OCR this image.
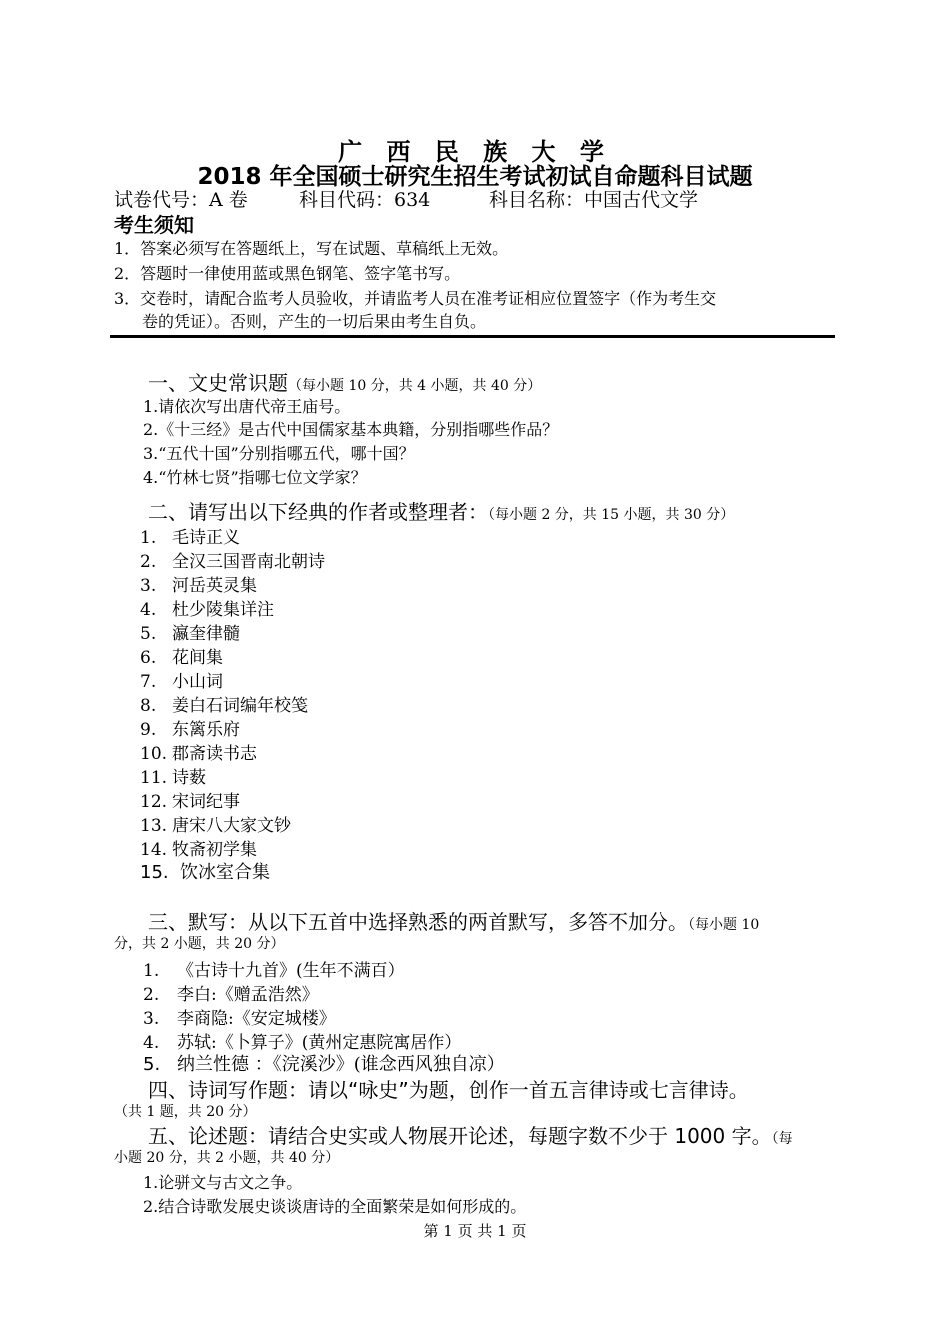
广 西 民 族 大 学
2018 年全国硕士研究生招生考试初试自命题科目试题
试卷代号：A 卷	科目代码：634	科目名称：中国古代文学
考生须知
1．答案必须写在答题纸上，写在试题、草稿纸上无效。
2．答题时一律使用蓝或黑色钢笔、签字笔书写。
3．交卷时，请配合监考人员验收，并请监考人员在准考证相应位置签字（作为考生交
卷的凭证）。否则，产生的一切后果由考生自负。
一、文史常识题（每小题 10 分，共 4 小题，共 40 分）
1.请依次写出唐代帝王庙号。
2.《十三经》是古代中国儒家基本典籍，分别指哪些作品？
3.“五代十国”分别指哪五代，哪十国？
4.“竹林七贤”指哪七位文学家？
二、请写出以下经典的作者或整理者：（每小题 2 分，共 15 小题，共 30 分）
1. 毛诗正义
2. 全汉三国晋南北朝诗
3. 河岳英灵集
4. 杜少陵集详注
5. 瀛奎律髓
6. 花间集
7. 小山词
8. 姜白石词编年校笺
9. 东篱乐府
10. 郡斋读书志
11. 诗薮
12. 宋词纪事
13. 唐宋八大家文钞
14. 牧斋初学集
15. 饮冰室合集
三、默写：从以下五首中选择熟悉的两首默写，多答不加分。（每小题 10
分，共 2 小题，共 20 分）
1. 《古诗十九首》(生年不满百）
2. 李白:《赠孟浩然》
3. 李商隐:《安定城楼》
4. 苏轼:《卜算子》(黄州定惠院寓居作）
5. 纳兰性德 ：《浣溪沙》(谁念西风独自凉）
四、诗词写作题：请以“咏史”为题，创作一首五言律诗或七言律诗。
（共 1 题，共 20 分）
五、论述题：请结合史实或人物展开论述，每题字数不少于 1000 字。（每
小题 20 分，共 2 小题，共 40 分）
1.论骈文与古文之争。
2.结合诗歌发展史谈谈唐诗的全面繁荣是如何形成的。
第 1 页 共 1 页
